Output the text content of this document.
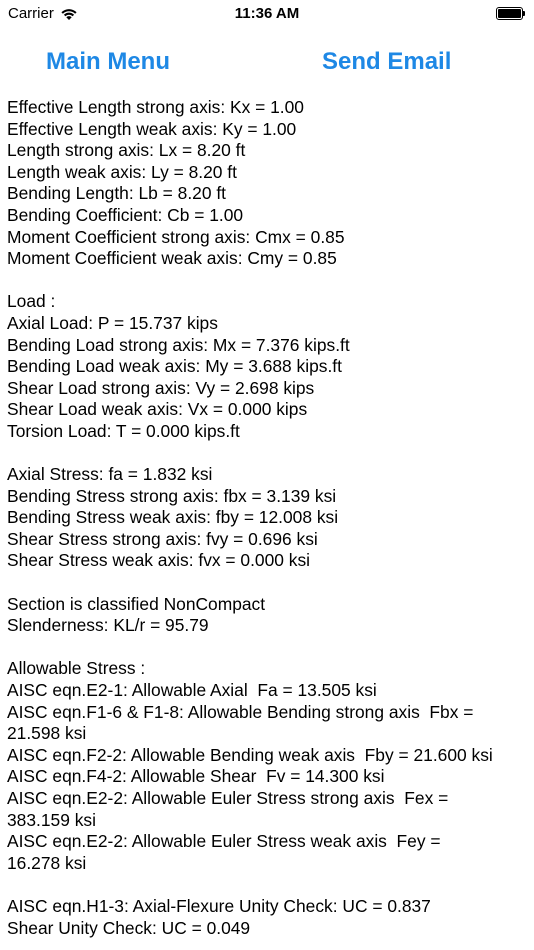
Carrier	11:36 AM
Main Menu	Send Email
Effective Length strong axis: Kx = 1.00
Effective Length weak axis: Ky = 1.00
Length strong axis: Lx = 8.20 ft
Length weak axis: Ly = 8.20 ft
Bending Length: Lb = 8.20 ft
Bending Coefficient: Cb = 1.00
Moment Coefficient strong axis: Cmx = 0.85
Moment Coefficient weak axis: Cmy = 0.85
Load :
Axial Load: P = 15.737 kips
Bending Load strong axis: Mx = 7.376 kips.ft
Bending Load weak axis: My = 3.688 kips.ft
Shear Load strong axis: Vy = 2.698 kips
Shear Load weak axis: Vx = 0.000 kips
Torsion Load: T = 0.000 kips.ft
Axial Stress: fa = 1.832 ksi
Bending Stress strong axis: fbx = 3.139 ksi
Bending Stress weak axis: fby = 12.008 ksi
Shear Stress strong axis: fvy = 0.696 ksi
Shear Stress weak axis: fvx = 0.000 ksi
Section is classified NonCompact
Slenderness: KL/r = 95.79
Allowable Stress :
AISC eqn.E2-1: Allowable Axial  Fa = 13.505 ksi
AISC eqn.F1-6 & F1-8: Allowable Bending strong axis  Fbx =
21.598 ksi
AISC eqn.F2-2: Allowable Bending weak axis  Fby = 21.600 ksi
AISC eqn.F4-2: Allowable Shear  Fv = 14.300 ksi
AISC eqn.E2-2: Allowable Euler Stress strong axis  Fex =
383.159 ksi
AISC eqn.E2-2: Allowable Euler Stress weak axis  Fey =
16.278 ksi
AISC eqn.H1-3: Axial-Flexure Unity Check: UC = 0.837
Shear Unity Check: UC = 0.049
